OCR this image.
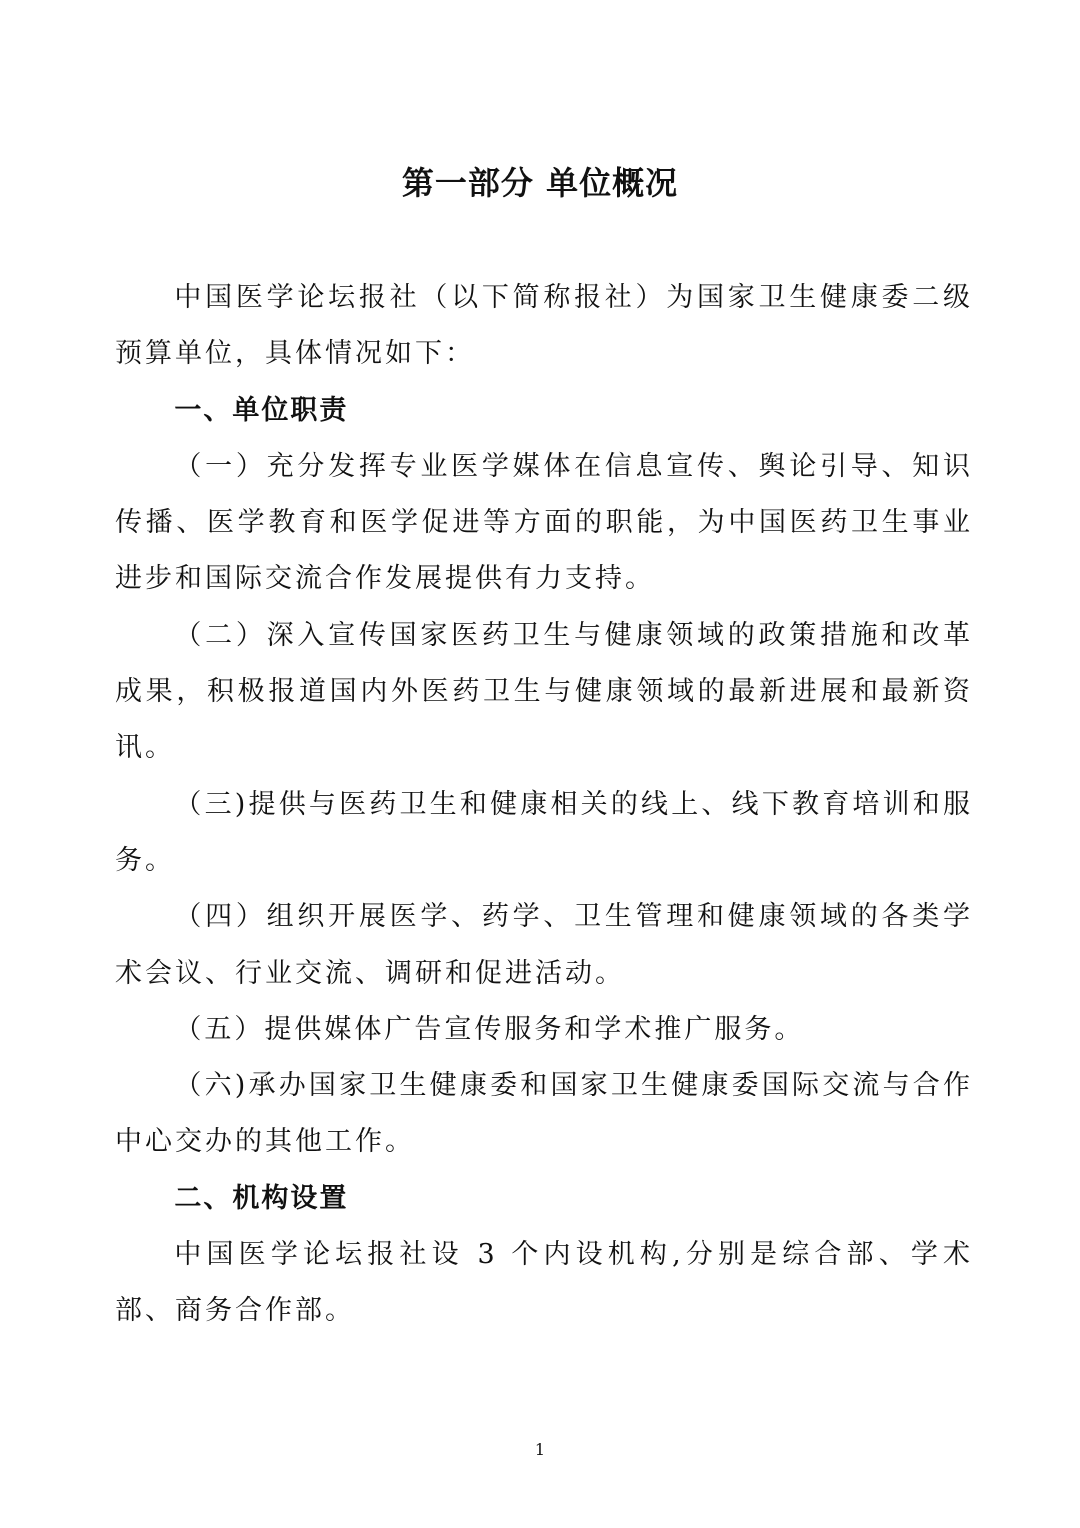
第一部分 单位概况

中国医学论坛报社（以下简称报社）为国家卫生健康委二级预算单位，具体情况如下：

一、单位职责

（一）充分发挥专业医学媒体在信息宣传、舆论引导、知识传播、医学教育和医学促进等方面的职能，为中国医药卫生事业进步和国际交流合作发展提供有力支持。

（二）深入宣传国家医药卫生与健康领域的政策措施和改革成果，积极报道国内外医药卫生与健康领域的最新进展和最新资讯。

（三)提供与医药卫生和健康相关的线上、线下教育培训和服务。

（四）组织开展医学、药学、卫生管理和健康领域的各类学术会议、行业交流、调研和促进活动。

（五）提供媒体广告宣传服务和学术推广服务。

（六)承办国家卫生健康委和国家卫生健康委国际交流与合作中心交办的其他工作。

二、机构设置

中国医学论坛报社设 3 个内设机构,分别是综合部、学术部、商务合作部。

1
